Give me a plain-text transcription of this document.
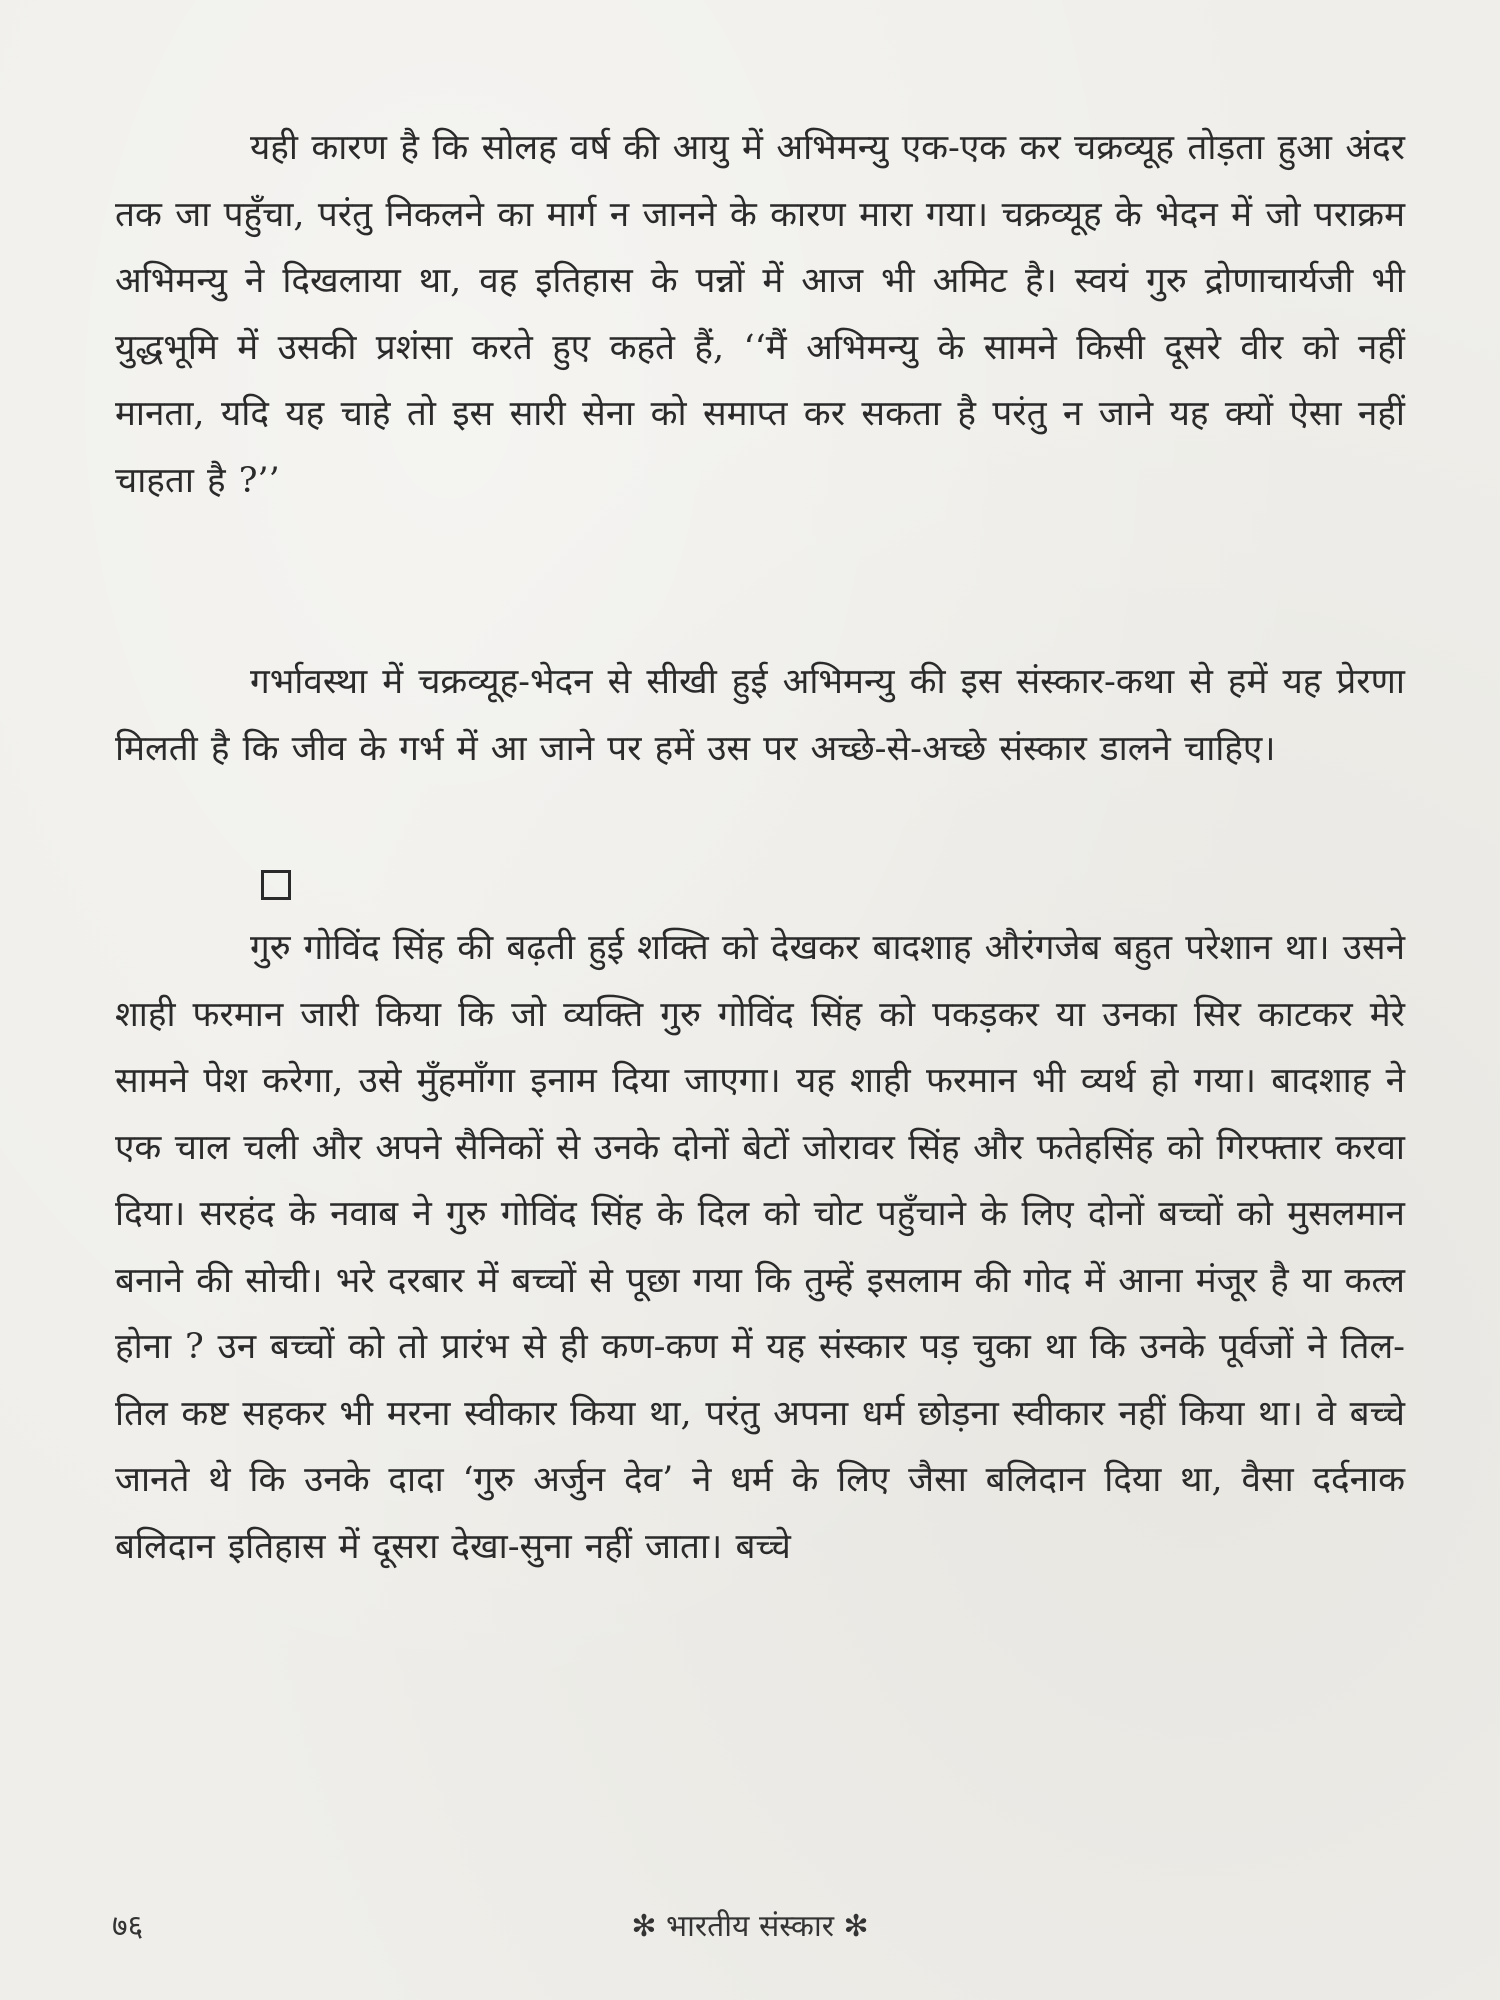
यही कारण है कि सोलह वर्ष की आयु में अभिमन्यु एक-एक कर चक्रव्यूह तोड़ता हुआ अंदर तक जा पहुँचा, परंतु निकलने का मार्ग न जानने के कारण मारा गया। चक्रव्यूह के भेदन में जो पराक्रम अभिमन्यु ने दिखलाया था, वह इतिहास के पन्नों में आज भी अमिट है। स्वयं गुरु द्रोणाचार्यजी भी युद्धभूमि में उसकी प्रशंसा करते हुए कहते हैं, ‘‘मैं अभिमन्यु के सामने किसी दूसरे वीर को नहीं मानता, यदि यह चाहे तो इस सारी सेना को समाप्त कर सकता है परंतु न जाने यह क्यों ऐसा नहीं चाहता है ?’’

गर्भावस्था में चक्रव्यूह-भेदन से सीखी हुई अभिमन्यु की इस संस्कार-कथा से हमें यह प्रेरणा मिलती है कि जीव के गर्भ में आ जाने पर हमें उस पर अच्छे-से-अच्छे संस्कार डालने चाहिए।

गुरु गोविंद सिंह की बढ़ती हुई शक्ति को देखकर बादशाह औरंगजेब बहुत परेशान था। उसने शाही फरमान जारी किया कि जो व्यक्ति गुरु गोविंद सिंह को पकड़कर या उनका सिर काटकर मेरे सामने पेश करेगा, उसे मुँहमाँगा इनाम दिया जाएगा। यह शाही फरमान भी व्यर्थ हो गया। बादशाह ने एक चाल चली और अपने सैनिकों से उनके दोनों बेटों जोरावर सिंह और फतेहसिंह को गिरफ्तार करवा दिया। सरहंद के नवाब ने गुरु गोविंद सिंह के दिल को चोट पहुँचाने के लिए दोनों बच्चों को मुसलमान बनाने की सोची। भरे दरबार में बच्चों से पूछा गया कि तुम्हें इसलाम की गोद में आना मंजूर है या कत्ल होना ? उन बच्चों को तो प्रारंभ से ही कण-कण में यह संस्कार पड़ चुका था कि उनके पूर्वजों ने तिल-तिल कष्ट सहकर भी मरना स्वीकार किया था, परंतु अपना धर्म छोड़ना स्वीकार नहीं किया था। वे बच्चे जानते थे कि उनके दादा ‘गुरु अर्जुन देव’ ने धर्म के लिए जैसा बलिदान दिया था, वैसा दर्दनाक बलिदान इतिहास में दूसरा देखा-सुना नहीं जाता। बच्चे

७६	✻ भारतीय संस्कार ✻
